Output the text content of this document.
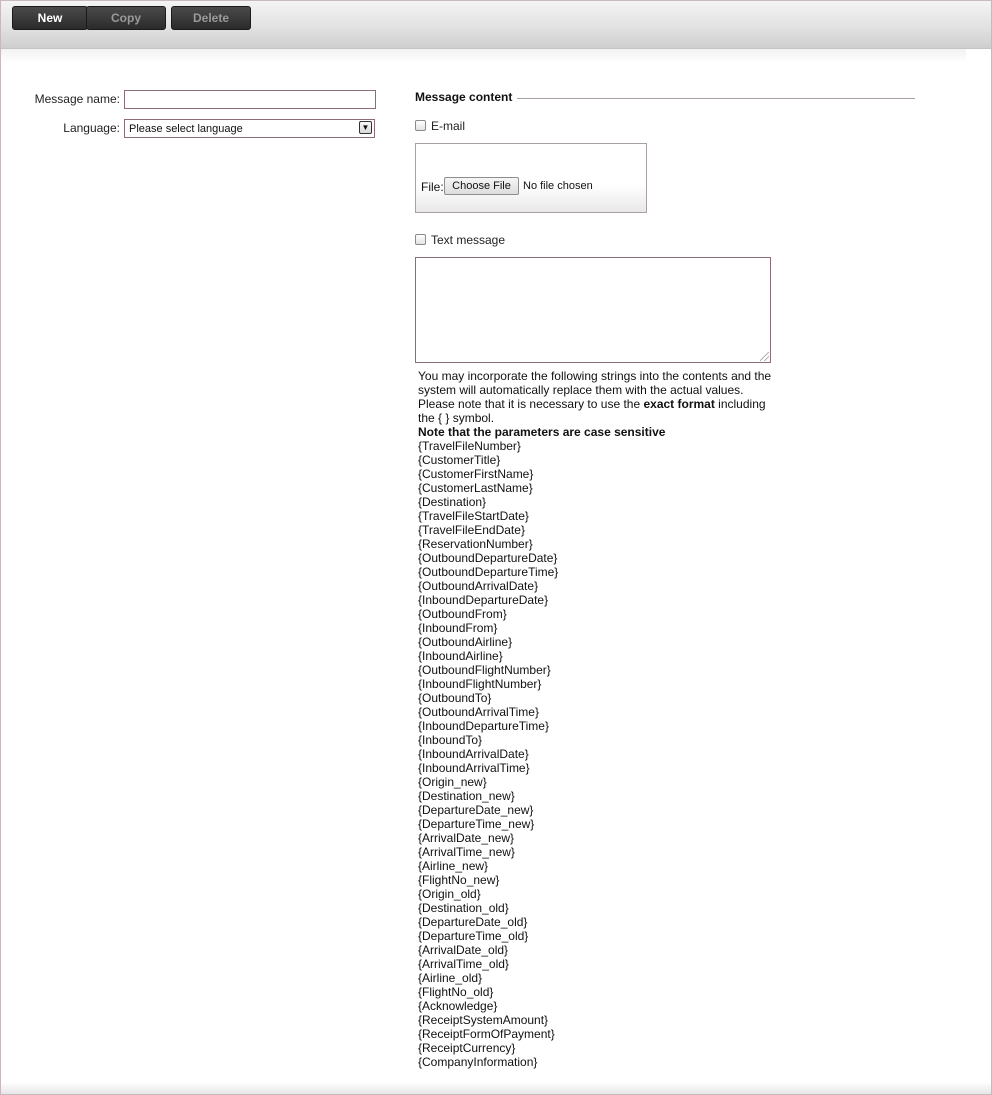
New	Copy	Delete
Message name:
Language: Please select language	▼
Message content
E-mail
File: Choose File	No file chosen
Text message

You may incorporate the following strings into the contents and the system will automatically replace them with the actual values. Please note that it is necessary to use the exact format including the { } symbol.

Note that the parameters are case sensitive

{TravelFileNumber}
{CustomerTitle}
{CustomerFirstName}
{CustomerLastName}
{Destination}
{TravelFileStartDate}
{TravelFileEndDate}
{ReservationNumber}
{OutboundDepartureDate}
{OutboundDepartureTime}
{OutboundArrivalDate}
{InboundDepartureDate}
{OutboundFrom}
{InboundFrom}
{OutboundAirline}
{InboundAirline}
{OutboundFlightNumber}
{InboundFlightNumber}
{OutboundTo}
{OutboundArrivalTime}
{InboundDepartureTime}
{InboundTo}
{InboundArrivalDate}
{InboundArrivalTime}
{Origin_new}
{Destination_new}
{DepartureDate_new}
{DepartureTime_new}
{ArrivalDate_new}
{ArrivalTime_new}
{Airline_new}
{FlightNo_new}
{Origin_old}
{Destination_old}
{DepartureDate_old}
{DepartureTime_old}
{ArrivalDate_old}
{ArrivalTime_old}
{Airline_old}
{FlightNo_old}
{Acknowledge}
{ReceiptSystemAmount}
{ReceiptFormOfPayment}
{ReceiptCurrency}
{CompanyInformation}
